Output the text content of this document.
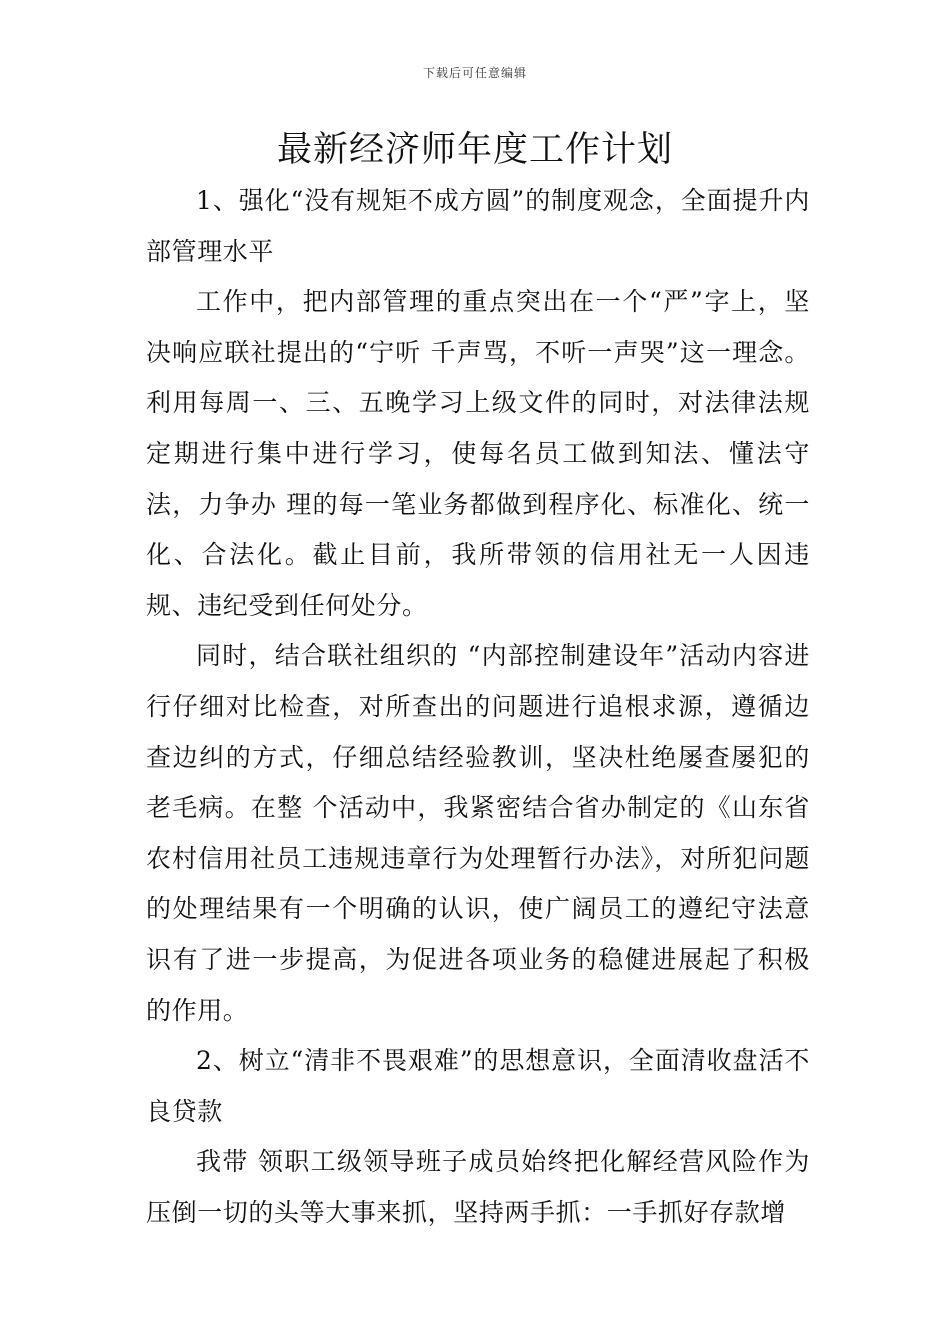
下载后可任意编辑
最新经济师年度工作计划

1、强化“没有规矩不成方圆”的制度观念，全面提升内部管理水平

工作中，把内部管理的重点突出在一个“严”字上，坚决响应联社提出的“宁听 千声骂，不听一声哭”这一理念。利用每周一、三、五晚学习上级文件的同时，对法律法规定期进行集中进行学习，使每名员工做到知法、懂法守法，力争办 理的每一笔业务都做到程序化、标准化、统一化、合法化。截止目前，我所带领的信用社无一人因违规、违纪受到任何处分。

同时，结合联社组织的 “内部控制建设年”活动内容进行仔细对比检查，对所查出的问题进行追根求源，遵循边查边纠的方式，仔细总结经验教训，坚决杜绝屡查屡犯的老毛病。在整 个活动中，我紧密结合省办制定的《山东省农村信用社员工违规违章行为处理暂行办法》，对所犯问题的处理结果有一个明确的认识，使广阔员工的遵纪守法意 识有了进一步提高，为促进各项业务的稳健进展起了积极的作用。

2、树立“清非不畏艰难”的思想意识，全面清收盘活不良贷款

我带 领职工级领导班子成员始终把化解经营风险作为压倒一切的头等大事来抓，坚持两手抓：一手抓好存款增
